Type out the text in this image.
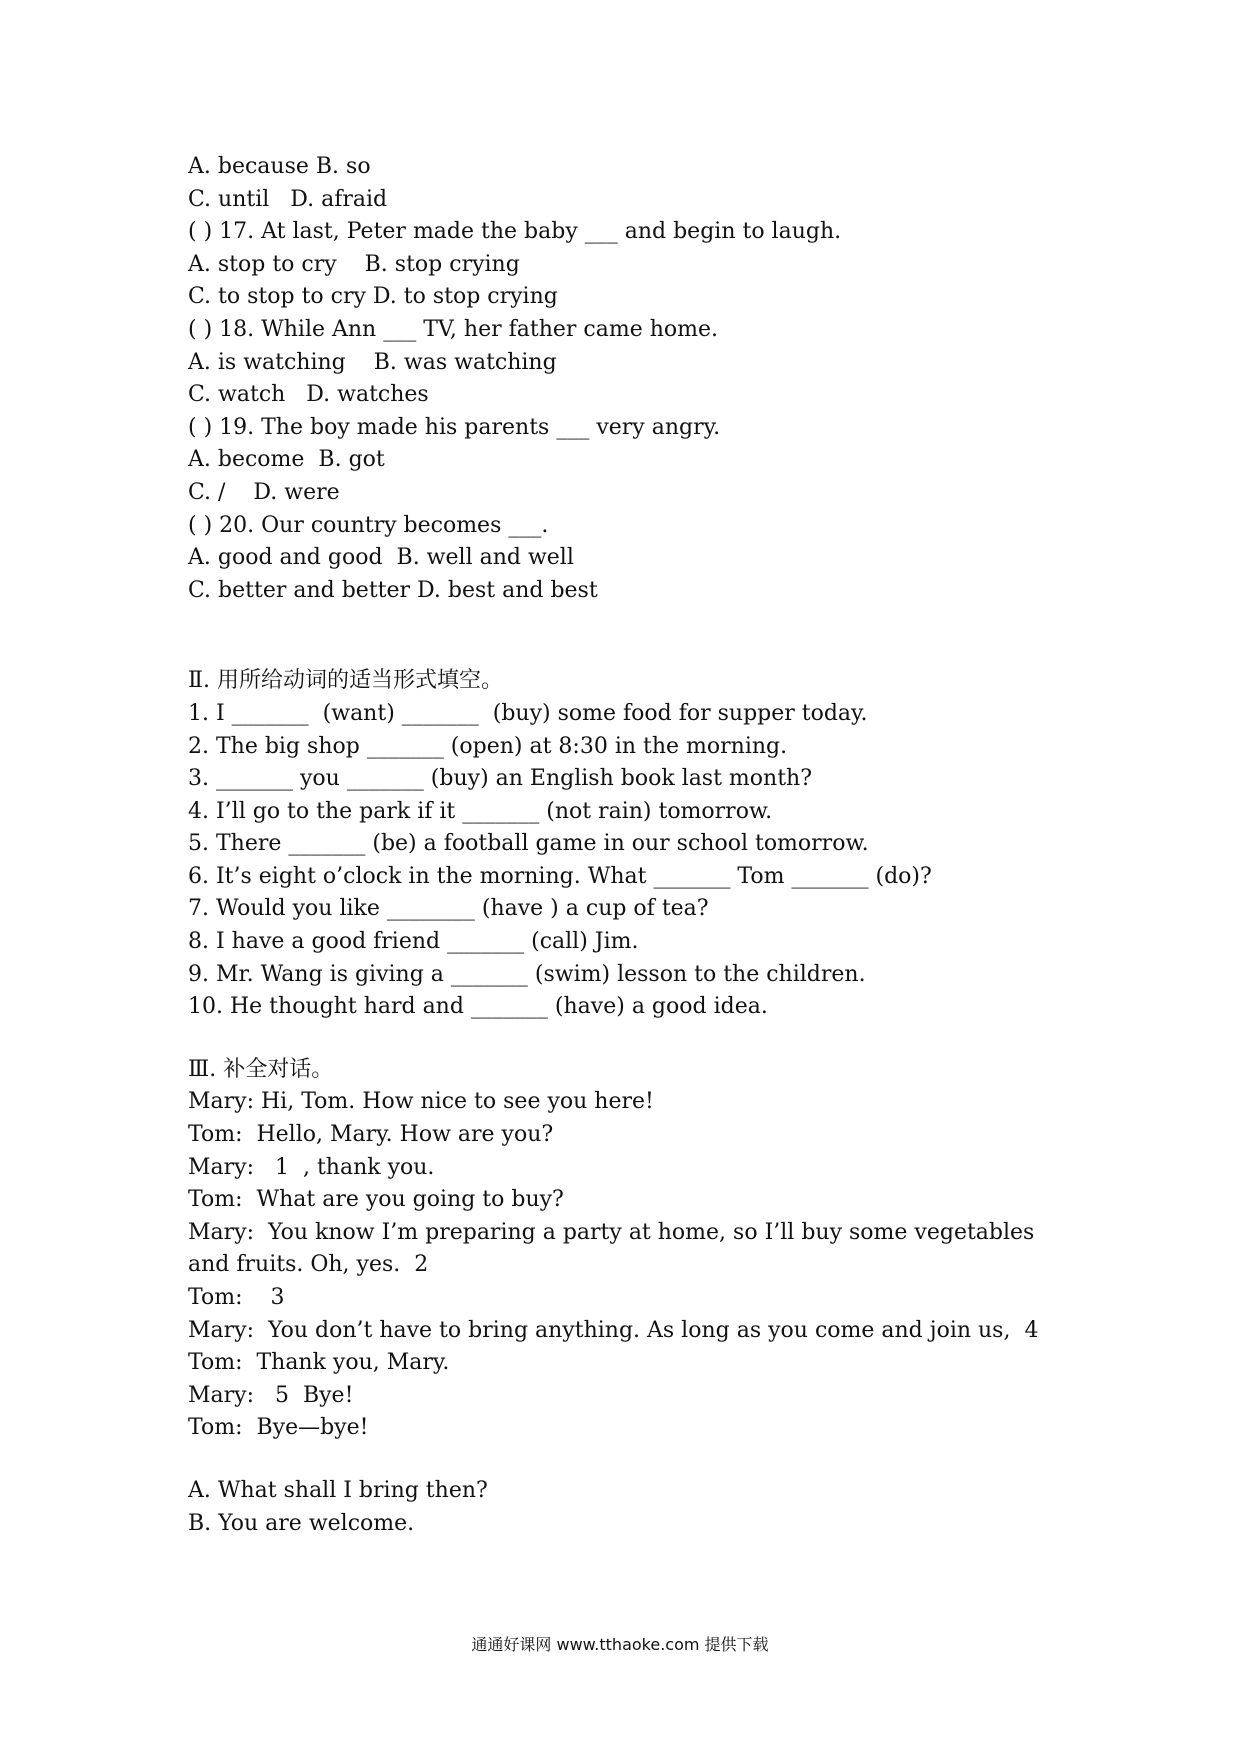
A. because B. so
C. until   D. afraid
( ) 17. At last, Peter made the baby ___ and begin to laugh.
A. stop to cry    B. stop crying
C. to stop to cry D. to stop crying
( ) 18. While Ann ___ TV, her father came home.
A. is watching    B. was watching
C. watch   D. watches
( ) 19. The boy made his parents ___ very angry.
A. become  B. got
C. /    D. were
( ) 20. Our country becomes ___.
A. good and good  B. well and well
C. better and better D. best and best
Ⅱ. 用所给动词的适当形式填空。
1. I _______  (want) _______  (buy) some food for supper today.
2. The big shop _______ (open) at 8:30 in the morning.
3. _______ you _______ (buy) an English book last month?
4. I’ll go to the park if it _______ (not rain) tomorrow.
5. There _______ (be) a football game in our school tomorrow.
6. It’s eight o’clock in the morning. What _______ Tom _______ (do)?
7. Would you like ________ (have ) a cup of tea?
8. I have a good friend _______ (call) Jim.
9. Mr. Wang is giving a _______ (swim) lesson to the children.
10. He thought hard and _______ (have) a good idea.
Ⅲ. 补全对话。
Mary: Hi, Tom. How nice to see you here!
Tom:  Hello, Mary. How are you?
Mary:   1  , thank you.
Tom:  What are you going to buy?
Mary:  You know I’m preparing a party at home, so I’ll buy some vegetables and fruits. Oh, yes.  2
Tom:    3
Mary:  You don’t have to bring anything. As long as you come and join us,  4
Tom:  Thank you, Mary.
Mary:   5  Bye!
Tom:  Bye—bye!
A. What shall I bring then?
B. You are welcome.
通通好课网 www.tthaoke.com 提供下载
